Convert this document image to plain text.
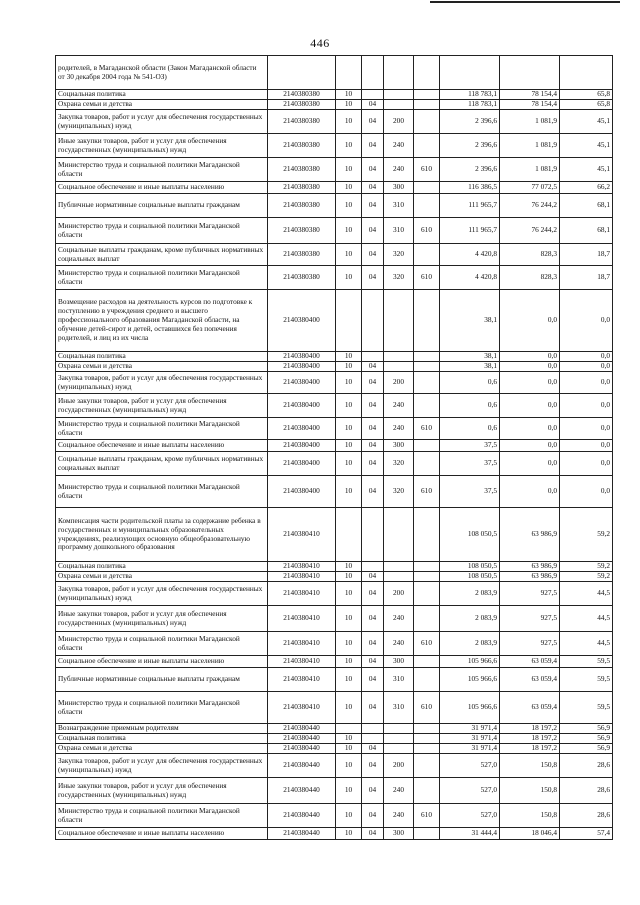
446
родителей, в Магаданской области (Закон Магаданской области от 30 декабря 2004 года № 541-ОЗ)								
Социальная политика	2140380380	10				118 783,1	78 154,4	65,8
Охрана семьи и детства	2140380380	10	04			118 783,1	78 154,4	65,8
Закупка товаров, работ и услуг для обеспечения государственных (муниципальных) нужд	2140380380	10	04	200		2 396,6	1 081,9	45,1
Иные закупки товаров, работ и услуг для обеспечения государственных (муниципальных) нужд	2140380380	10	04	240		2 396,6	1 081,9	45,1
Министерство труда и социальной политики Магаданской области	2140380380	10	04	240	610	2 396,6	1 081,9	45,1
Социальное обеспечение и иные выплаты населению	2140380380	10	04	300		116 386,5	77 072,5	66,2
Публичные нормативные социальные выплаты гражданам	2140380380	10	04	310		111 965,7	76 244,2	68,1
Министерство труда и социальной политики Магаданской области	2140380380	10	04	310	610	111 965,7	76 244,2	68,1
Социальные выплаты гражданам, кроме публичных нормативных социальных выплат	2140380380	10	04	320		4 420,8	828,3	18,7
Министерство труда и социальной политики Магаданской области	2140380380	10	04	320	610	4 420,8	828,3	18,7
Возмещение расходов на деятельность курсов по подготовке к поступлению в учреждения среднего и высшего профессионального образования Магаданской области, на обучение детей-сирот и детей, оставшихся без попечения родителей, и лиц из их числа	2140380400					38,1	0,0	0,0
Социальная политика	2140380400	10				38,1	0,0	0,0
Охрана семьи и детства	2140380400	10	04			38,1	0,0	0,0
Закупка товаров, работ и услуг для обеспечения государственных (муниципальных) нужд	2140380400	10	04	200		0,6	0,0	0,0
Иные закупки товаров, работ и услуг для обеспечения государственных (муниципальных) нужд	2140380400	10	04	240		0,6	0,0	0,0
Министерство труда и социальной политики Магаданской области	2140380400	10	04	240	610	0,6	0,0	0,0
Социальное обеспечение и иные выплаты населению	2140380400	10	04	300		37,5	0,0	0,0
Социальные выплаты гражданам, кроме публичных нормативных социальных выплат	2140380400	10	04	320		37,5	0,0	0,0
Министерство труда и социальной политики Магаданской области	2140380400	10	04	320	610	37,5	0,0	0,0
Компенсация части родительской платы за содержание ребенка в государственных и муниципальных образовательных учреждениях, реализующих основную общеобразовательную программу дошкольного образования	2140380410					108 050,5	63 986,9	59,2
Социальная политика	2140380410	10				108 050,5	63 986,9	59,2
Охрана семьи и детства	2140380410	10	04			108 050,5	63 986,9	59,2
Закупка товаров, работ и услуг для обеспечения государственных (муниципальных) нужд	2140380410	10	04	200		2 083,9	927,5	44,5
Иные закупки товаров, работ и услуг для обеспечения государственных (муниципальных) нужд	2140380410	10	04	240		2 083,9	927,5	44,5
Министерство труда и социальной политики Магаданской области	2140380410	10	04	240	610	2 083,9	927,5	44,5
Социальное обеспечение и иные выплаты населению	2140380410	10	04	300		105 966,6	63 059,4	59,5
Публичные нормативные социальные выплаты гражданам	2140380410	10	04	310		105 966,6	63 059,4	59,5
Министерство труда и социальной политики Магаданской области	2140380410	10	04	310	610	105 966,6	63 059,4	59,5
Вознаграждение приемным родителям	2140380440					31 971,4	18 197,2	56,9
Социальная политика	2140380440	10				31 971,4	18 197,2	56,9
Охрана семьи и детства	2140380440	10	04			31 971,4	18 197,2	56,9
Закупка товаров, работ и услуг для обеспечения государственных (муниципальных) нужд	2140380440	10	04	200		527,0	150,8	28,6
Иные закупки товаров, работ и услуг для обеспечения государственных (муниципальных) нужд	2140380440	10	04	240		527,0	150,8	28,6
Министерство труда и социальной политики Магаданской области	2140380440	10	04	240	610	527,0	150,8	28,6
Социальное обеспечение и иные выплаты населению	2140380440	10	04	300		31 444,4	18 046,4	57,4
